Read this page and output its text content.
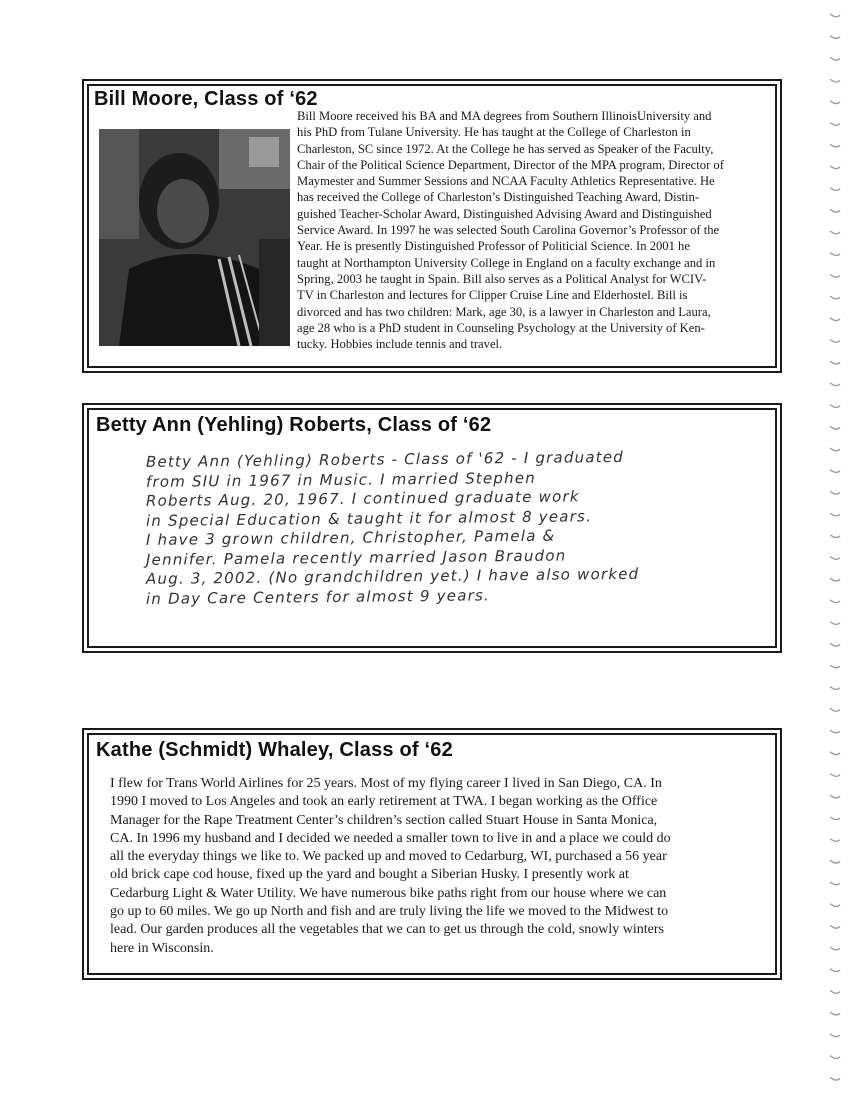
Bill Moore, Class of ‘62
Bill Moore received his BA and MA degrees from Southern IllinoisUniversity and
his PhD from Tulane University. He has taught at the College of Charleston in
Charleston, SC since 1972. At the College he has served as Speaker of the Faculty,
Chair of the Political Science Department, Director of the MPA program, Director of
Maymester and Summer Sessions and NCAA Faculty Athletics Representative. He
has received the College of Charleston’s Distinguished Teaching Award, Distin-
guished Teacher-Scholar Award, Distinguished Advising Award and Distinguished
Service Award. In 1997 he was selected South Carolina Governor’s Professor of the
Year. He is presently Distinguished Professor of Politicial Science. In 2001 he
taught at Northampton University College in England on a faculty exchange and in
Spring, 2003 he taught in Spain. Bill also serves as a Political Analyst for WCIV-
TV in Charleston and lectures for Clipper Cruise Line and Elderhostel. Bill is
divorced and has two children: Mark, age 30, is a lawyer in Charleston and Laura,
age 28 who is a PhD student in Counseling Psychology at the University of Ken-
tucky. Hobbies include tennis and travel.
Betty Ann (Yehling) Roberts, Class of ‘62
Betty Ann (Yehling) Roberts - Class of '62 - I graduated
from SIU in 1967 in Music. I married Stephen
Roberts Aug. 20, 1967. I continued graduate work
in Special Education & taught it for almost 8 years.
I have 3 grown children, Christopher, Pamela &
Jennifer. Pamela recently married Jason Braudon
Aug. 3, 2002. (No grandchildren yet.) I have also worked
in Day Care Centers for almost 9 years.
Kathe (Schmidt) Whaley, Class of ‘62
I flew for Trans World Airlines for 25 years. Most of my flying career I lived in San Diego, CA. In
1990 I moved to Los Angeles and took an early retirement at TWA. I began working as the Office
Manager for the Rape Treatment Center’s children’s section called Stuart House in Santa Monica,
CA. In 1996 my husband and I decided we needed a smaller town to live in and a place we could do
all the everyday things we like to. We packed up and moved to Cedarburg, WI, purchased a 56 year
old brick cape cod house, fixed up the yard and bought a Siberian Husky. I presently work at
Cedarburg Light & Water Utility. We have numerous bike paths right from our house where we can
go up to 60 miles. We go up North and fish and are truly living the life we moved to the Midwest to
lead. Our garden produces all the vegetables that we can to get us through the cold, snowly winters
here in Wisconsin.
